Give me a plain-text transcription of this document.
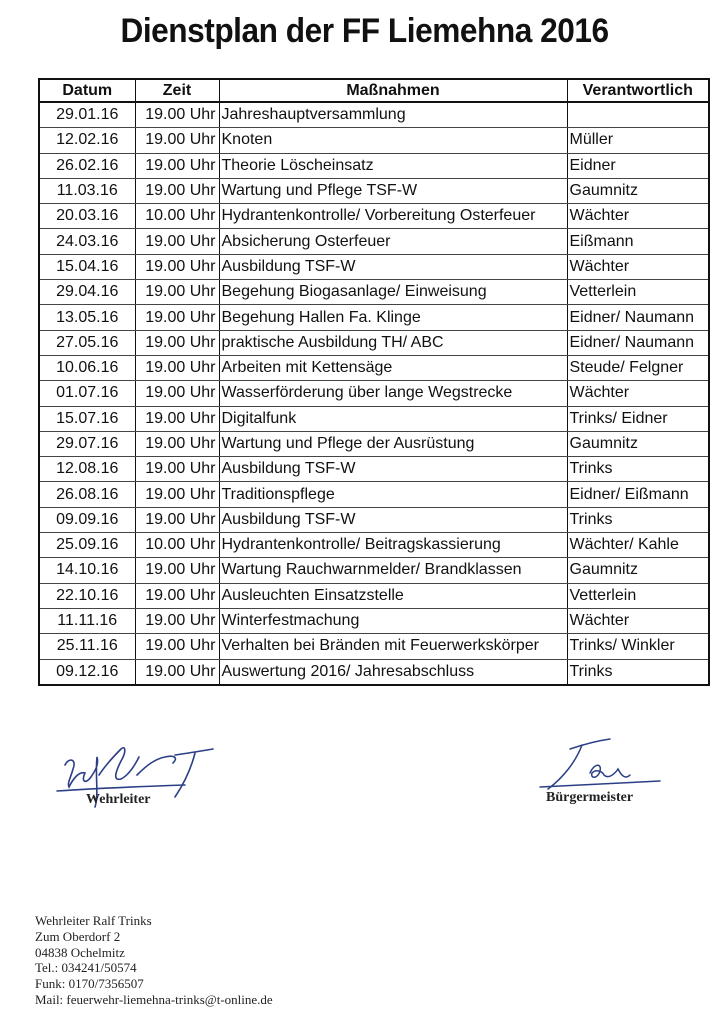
Dienstplan der FF Liemehna 2016
Datum	Zeit	Maßnahmen	Verantwortlich
29.01.16	19.00 Uhr	Jahreshauptversammlung	
12.02.16	19.00 Uhr	Knoten	Müller
26.02.16	19.00 Uhr	Theorie Löscheinsatz	Eidner
11.03.16	19.00 Uhr	Wartung und Pflege TSF-W	Gaumnitz
20.03.16	10.00 Uhr	Hydrantenkontrolle/ Vorbereitung Osterfeuer	Wächter
24.03.16	19.00 Uhr	Absicherung Osterfeuer	Eißmann
15.04.16	19.00 Uhr	Ausbildung TSF-W	Wächter
29.04.16	19.00 Uhr	Begehung Biogasanlage/ Einweisung	Vetterlein
13.05.16	19.00 Uhr	Begehung Hallen Fa. Klinge	Eidner/ Naumann
27.05.16	19.00 Uhr	praktische Ausbildung TH/ ABC	Eidner/ Naumann
10.06.16	19.00 Uhr	Arbeiten mit Kettensäge	Steude/ Felgner
01.07.16	19.00 Uhr	Wasserförderung über lange Wegstrecke	Wächter
15.07.16	19.00 Uhr	Digitalfunk	Trinks/ Eidner
29.07.16	19.00 Uhr	Wartung und Pflege der Ausrüstung	Gaumnitz
12.08.16	19.00 Uhr	Ausbildung TSF-W	Trinks
26.08.16	19.00 Uhr	Traditionspflege	Eidner/ Eißmann
09.09.16	19.00 Uhr	Ausbildung TSF-W	Trinks
25.09.16	10.00 Uhr	Hydrantenkontrolle/ Beitragskassierung	Wächter/ Kahle
14.10.16	19.00 Uhr	Wartung Rauchwarnmelder/ Brandklassen	Gaumnitz
22.10.16	19.00 Uhr	Ausleuchten Einsatzstelle	Vetterlein
11.11.16	19.00 Uhr	Winterfestmachung	Wächter
25.11.16	19.00 Uhr	Verhalten bei Bränden mit Feuerwerkskörper	Trinks/ Winkler
09.12.16	19.00 Uhr	Auswertung 2016/ Jahresabschluss	Trinks
Wehrleiter	Bürgermeister
Wehrleiter Ralf Trinks
Zum Oberdorf 2
04838 Ochelmitz
Tel.: 034241/50574
Funk: 0170/7356507
Mail: feuerwehr-liemehna-trinks@t-online.de
